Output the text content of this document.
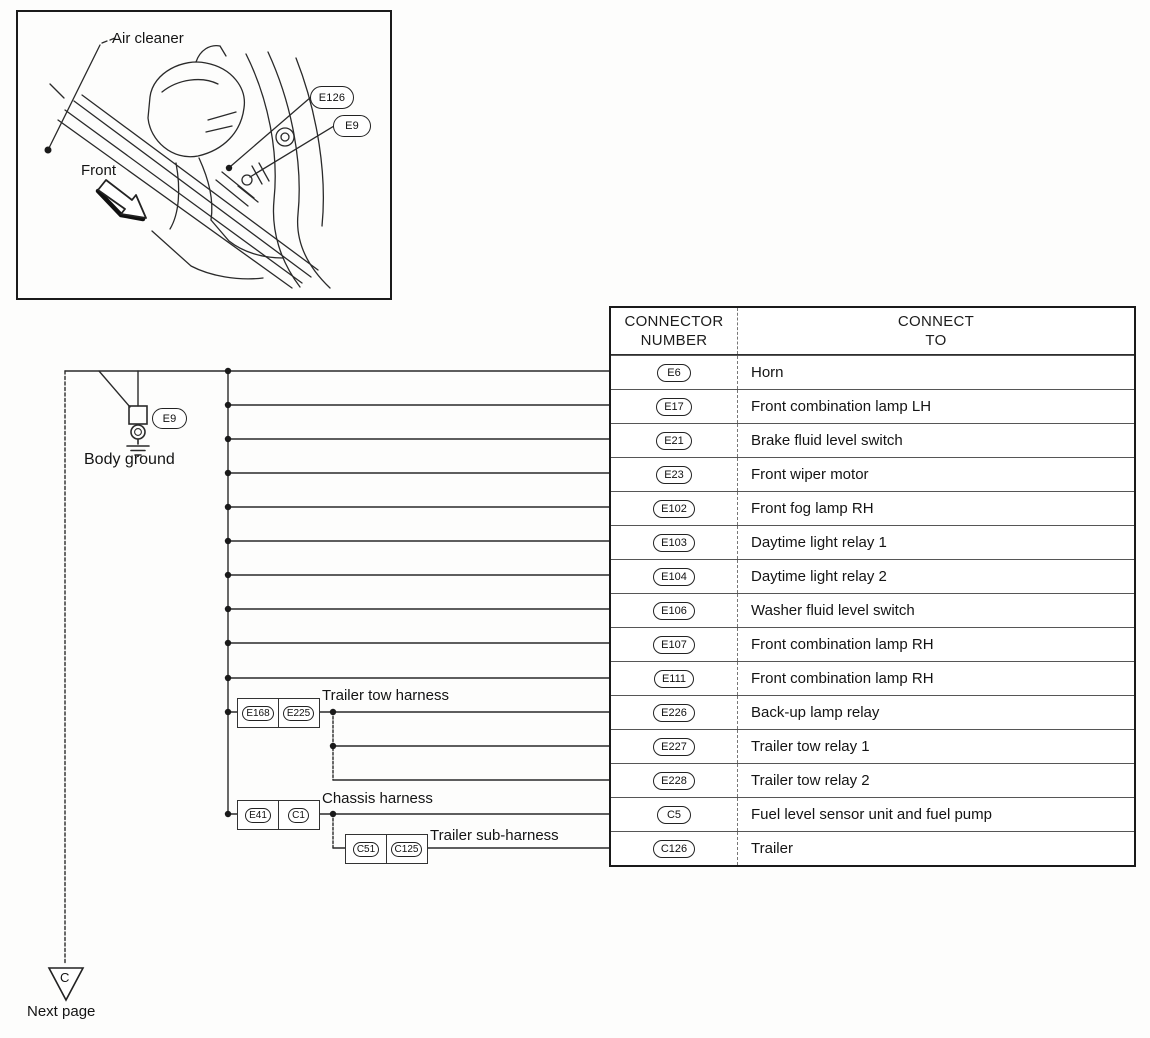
Air cleaner
Front
E126
E9
E9
Body ground
E168	E225
Trailer tow harness
E41	C1
Chassis harness
C51	C125
Trailer sub-harness
CONNECTOR
NUMBER
CONNECT
TO
E6	Horn
E17	Front combination lamp LH
E21	Brake fluid level switch
E23	Front wiper motor
E102	Front fog lamp RH
E103	Daytime light relay 1
E104	Daytime light relay 2
E106	Washer fluid level switch
E107	Front combination lamp RH
E111	Front combination lamp RH
E226	Back-up lamp relay
E227	Trailer tow relay 1
E228	Trailer tow relay 2
C5	Fuel level sensor unit and fuel pump
C126	Trailer
C
Next page
